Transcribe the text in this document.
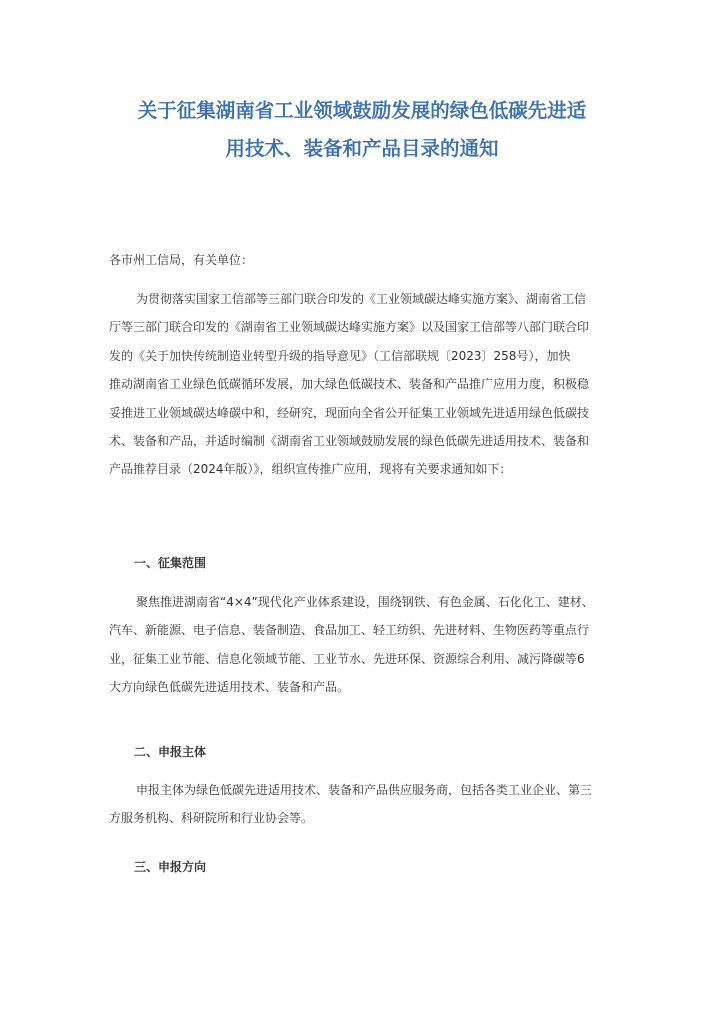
关于征集湖南省工业领域鼓励发展的绿色低碳先进适
用技术、装备和产品目录的通知
各市州工信局，有关单位：
为贯彻落实国家工信部等三部门联合印发的《工业领域碳达峰实施方案》、湖南省工信
厅等三部门联合印发的《湖南省工业领域碳达峰实施方案》以及国家工信部等八部门联合印
发的《关于加快传统制造业转型升级的指导意见》（工信部联规〔2023〕258号），加快
推动湖南省工业绿色低碳循环发展，加大绿色低碳技术、装备和产品推广应用力度，积极稳
妥推进工业领域碳达峰碳中和，经研究，现面向全省公开征集工业领域先进适用绿色低碳技
术、装备和产品，并适时编制《湖南省工业领域鼓励发展的绿色低碳先进适用技术、装备和
产品推荐目录（2024年版）》，组织宣传推广应用，现将有关要求通知如下：
一、征集范围
聚焦推进湖南省“4×4”现代化产业体系建设，围绕钢铁、有色金属、石化化工、建材、
汽车、新能源、电子信息、装备制造、食品加工、轻工纺织、先进材料、生物医药等重点行
业，征集工业节能、信息化领域节能、工业节水、先进环保、资源综合利用、减污降碳等6
大方向绿色低碳先进适用技术、装备和产品。
二、申报主体
申报主体为绿色低碳先进适用技术、装备和产品供应服务商，包括各类工业企业、第三
方服务机构、科研院所和行业协会等。
三、申报方向
